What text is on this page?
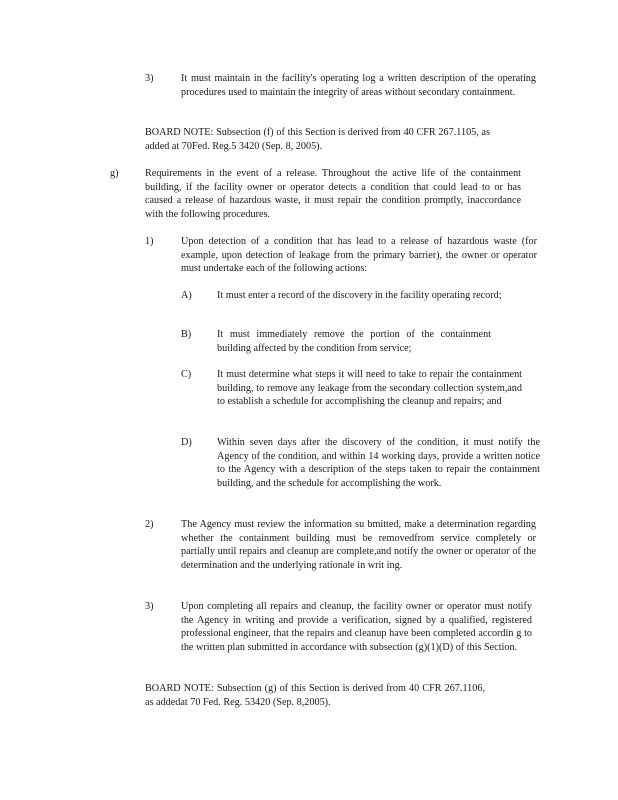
3)	It must maintain in the facility's operating log a written description of the operating procedures used to maintain the integrity of areas without secondary containment.
BOARD NOTE: Subsection (f) of this Section is derived from 40 CFR 267.1105, as added at 70Fed. Reg.5 3420 (Sep. 8, 2005).
g)	Requirements in the event of a release. Throughout the active life of the containment building, if the facility owner or operator detects a condition that could lead to or has caused a release of hazardous waste, it must repair the condition promptly, inaccordance with the following procedures.
1)	Upon detection of a condition that has lead to a release of hazardous waste (for example, upon detection of leakage from the primary barrier), the owner or operator must undertake each of the following actions:
A) It must enter a record of the discovery in the facility operating record;
B)	It must immediately remove the portion of the containment building affected by the condition from service;
C)	It must determine what steps it will need to take to repair the containment building, to remove any leakage from the secondary collection system,and to establish a schedule for accomplishing the cleanup and repairs; and
D) Within seven days after the discovery of the condition, it must notify the Agency of the condition, and within 14 working days, provide a written notice to the Agency with a description of the steps taken to repair the containment building, and the schedule for accomplishing the work.
2)	The Agency must review the information su bmitted, make a determination regarding whether the containment building must be removedfrom service completely or partially until repairs and cleanup are complete,and notify the owner or operator of the determination and the underlying rationale in writ ing.
3)	Upon completing all repairs and cleanup, the facility owner or operator must notify the Agency in writing and provide a verification, signed by a qualified, registered professional engineer, that the repairs and cleanup have been completed accordin g to the written plan submitted in accordance with subsection (g)(1)(D) of this Section.
BOARD NOTE: Subsection (g) of this Section is derived from 40 CFR 267.1106, as addedat 70 Fed. Reg. 53420 (Sep. 8,2005).
